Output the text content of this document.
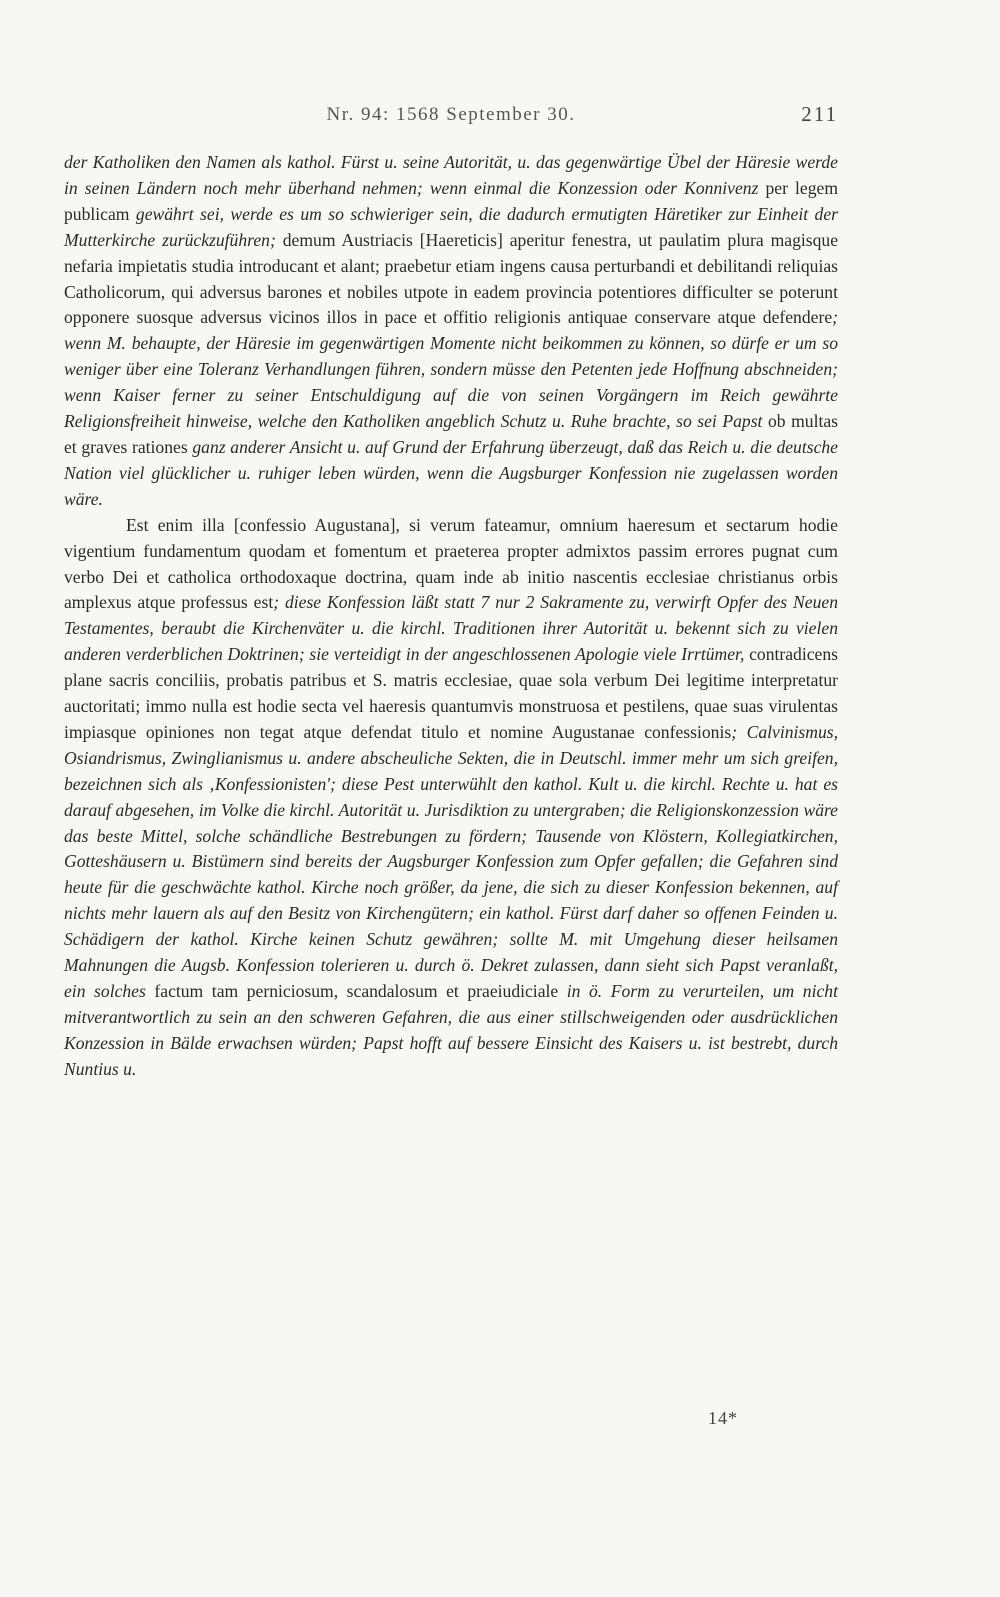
Nr. 94: 1568 September 30.	211

der Katholiken den Namen als kathol. Fürst u. seine Autorität, u. das gegenwärtige Übel der Häresie werde in seinen Ländern noch mehr überhand nehmen; wenn einmal die Konzession oder Konnivenz per legem publicam gewährt sei, werde es um so schwieriger sein, die dadurch ermutigten Häretiker zur Einheit der Mutterkirche zurückzuführen; demum Austriacis [Haereticis] aperitur fenestra, ut paulatim plura magisque nefaria impietatis studia introducant et alant; praebetur etiam ingens causa perturbandi et debilitandi reliquias Catholicorum, qui adversus barones et nobiles utpote in eadem provincia potentiores difficulter se poterunt opponere suosque adversus vicinos illos in pace et offitio religionis antiquae conservare atque defendere; wenn M. behaupte, der Häresie im gegenwärtigen Momente nicht beikommen zu können, so dürfe er um so weniger über eine Toleranz Verhandlungen führen, sondern müsse den Petenten jede Hoffnung abschneiden; wenn Kaiser ferner zu seiner Entschuldigung auf die von seinen Vorgängern im Reich gewährte Religionsfreiheit hinweise, welche den Katholiken angeblich Schutz u. Ruhe brachte, so sei Papst ob multas et graves rationes ganz anderer Ansicht u. auf Grund der Erfahrung überzeugt, daß das Reich u. die deutsche Nation viel glücklicher u. ruhiger leben würden, wenn die Augsburger Konfession nie zugelassen worden wäre.

Est enim illa [confessio Augustana], si verum fateamur, omnium haeresum et sectarum hodie vigentium fundamentum quodam et fomentum et praeterea propter admixtos passim errores pugnat cum verbo Dei et catholica orthodoxaque doctrina, quam inde ab initio nascentis ecclesiae christianus orbis amplexus atque professus est; diese Konfession läßt statt 7 nur 2 Sakramente zu, verwirft Opfer des Neuen Testamentes, beraubt die Kirchenväter u. die kirchl. Traditionen ihrer Autorität u. bekennt sich zu vielen anderen verderblichen Doktrinen; sie verteidigt in der angeschlossenen Apologie viele Irrtümer, contradicens plane sacris conciliis, probatis patribus et S. matris ecclesiae, quae sola verbum Dei legitime interpretatur auctoritati; immo nulla est hodie secta vel haeresis quantumvis monstruosa et pestilens, quae suas virulentas impiasque opiniones non tegat atque defendat titulo et nomine Augustanae confessionis; Calvinismus, Osiandrismus, Zwinglianismus u. andere abscheuliche Sekten, die in Deutschl. immer mehr um sich greifen, bezeichnen sich als ‚Konfessionisten'; diese Pest unterwühlt den kathol. Kult u. die kirchl. Rechte u. hat es darauf abgesehen, im Volke die kirchl. Autorität u. Jurisdiktion zu untergraben; die Religionskonzession wäre das beste Mittel, solche schändliche Bestrebungen zu fördern; Tausende von Klöstern, Kollegiatkirchen, Gotteshäusern u. Bistümern sind bereits der Augsburger Konfession zum Opfer gefallen; die Gefahren sind heute für die geschwächte kathol. Kirche noch größer, da jene, die sich zu dieser Konfession bekennen, auf nichts mehr lauern als auf den Besitz von Kirchengütern; ein kathol. Fürst darf daher so offenen Feinden u. Schädigern der kathol. Kirche keinen Schutz gewähren; sollte M. mit Umgehung dieser heilsamen Mahnungen die Augsb. Konfession tolerieren u. durch ö. Dekret zulassen, dann sieht sich Papst veranlaßt, ein solches factum tam perniciosum, scandalosum et praeiudiciale in ö. Form zu verurteilen, um nicht mitverantwortlich zu sein an den schweren Gefahren, die aus einer stillschweigenden oder ausdrücklichen Konzession in Bälde erwachsen würden; Papst hofft auf bessere Einsicht des Kaisers u. ist bestrebt, durch Nuntius u.

14*
